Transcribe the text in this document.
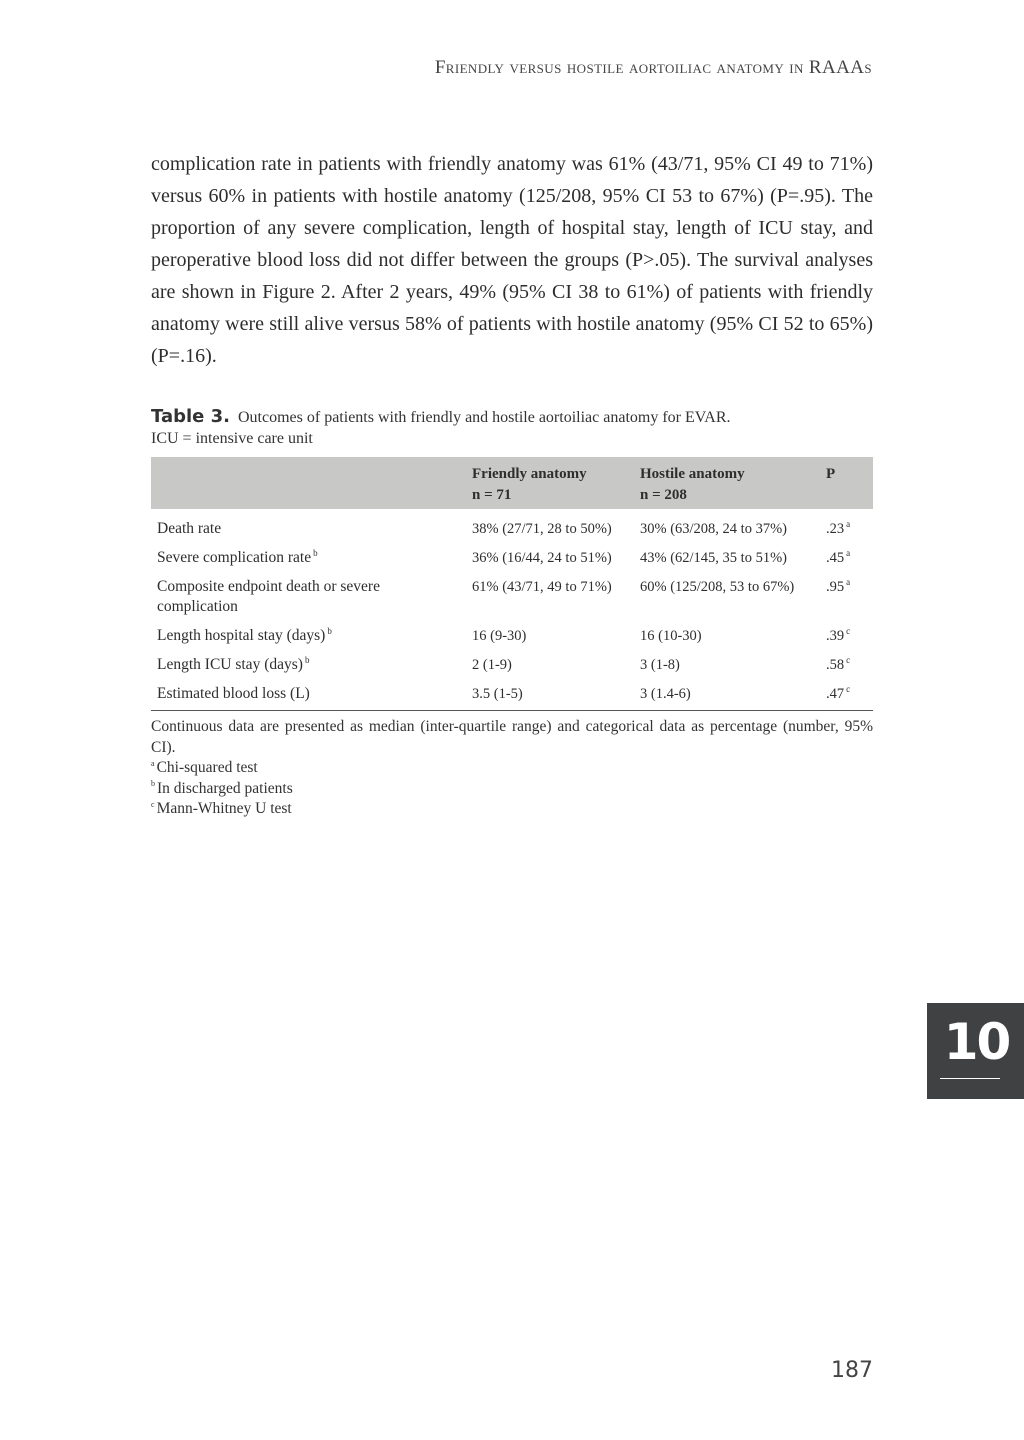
Friendly versus hostile aortoiliac anatomy in RAAAs

complication rate in patients with friendly anatomy was 61% (43/71, 95% CI 49 to 71%) versus 60% in patients with hostile anatomy (125/208, 95% CI 53 to 67%) (P=.95). The proportion of any severe complication, length of hospital stay, length of ICU stay, and peroperative blood loss did not differ between the groups (P>.05). The survival analyses are shown in Figure 2. After 2 years, 49% (95% CI 38 to 61%) of patients with friendly anatomy were still alive versus 58% of patients with hostile anatomy (95% CI 52 to 65%) (P=.16).

Table 3. Outcomes of patients with friendly and hostile aortoiliac anatomy for EVAR.
ICU = intensive care unit
	Friendly anatomy
n = 71	Hostile anatomy
n = 208	P
Death rate	38% (27/71, 28 to 50%)	30% (63/208, 24 to 37%)	.23 $^a$
Severe complication rate $^b$	36% (16/44, 24 to 51%)	43% (62/145, 35 to 51%)	.45 $^a$
Composite endpoint death or severe complication	61% (43/71, 49 to 71%)	60% (125/208, 53 to 67%)	.95 $^a$
Length hospital stay (days) $^b$	16 (9-30)	16 (10-30)	.39 $^c$
Length ICU stay (days) $^b$	2 (1-9)	3 (1-8)	.58 $^c$
Estimated blood loss (L)	3.5 (1-5)	3 (1.4-6)	.47 $^c$

Continuous data are presented as median (inter-quartile range) and categorical data as percentage (number, 95% CI).

$^a$ Chi-squared test

$^b$ In discharged patients

$^c$ Mann-Whitney U test

10
187
